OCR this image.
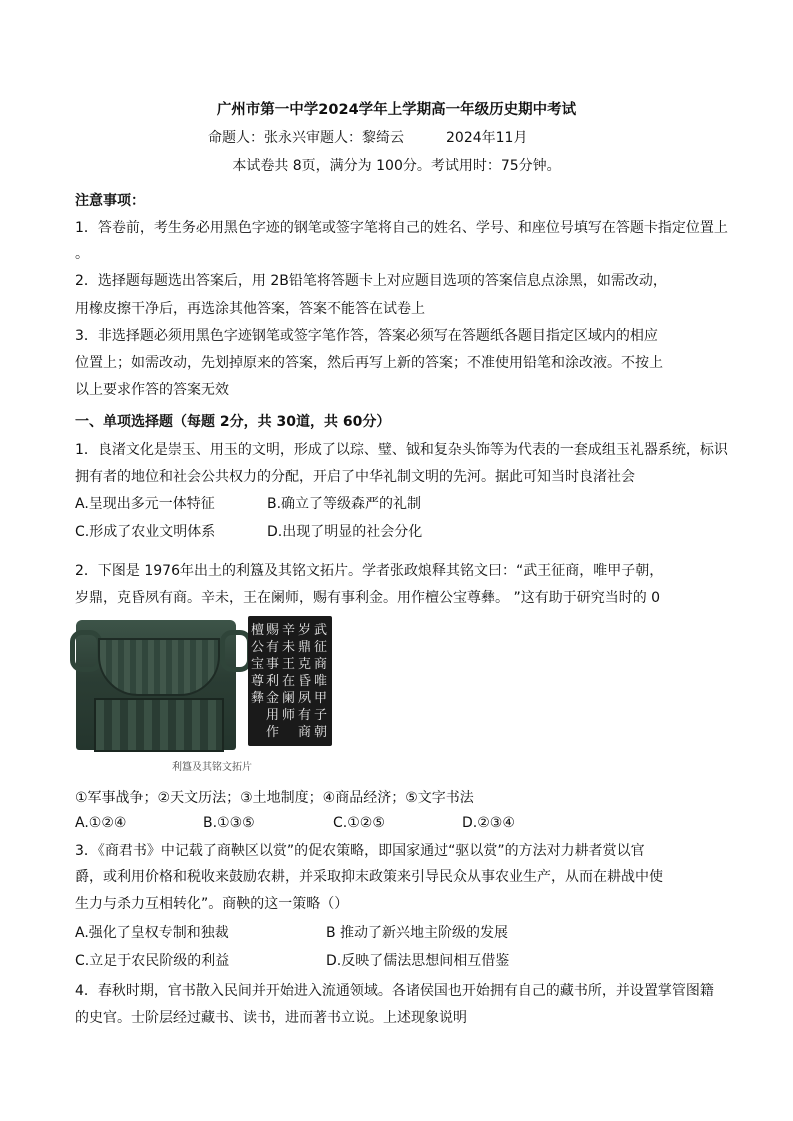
广州市第一中学2024学年上学期高一年级历史期中考试
命题人：张永兴审题人：黎绮云	2024年11月
本试卷共 8页，满分为 100分。考试用时：75分钟。
注意事项：
1．答卷前，考生务必用黑色字迹的钢笔或签字笔将自己的姓名、学号、和座位号填写在答题卡指定位置上
。
2．选择题每题选出答案后，用 2B铅笔将答题卡上对应题目选项的答案信息点涂黑，如需改动，
用橡皮擦干净后，再选涂其他答案，答案不能答在试卷上
3．非选择题必须用黑色字迹钢笔或签字笔作答，答案必须写在答题纸各题目指定区域内的相应
位置上；如需改动，先划掉原来的答案，然后再写上新的答案；不准使用铅笔和涂改液。不按上
以上要求作答的答案无效
一、单项选择题（每题 2分，共 30道，共 60分）
1．良渚文化是崇玉、用玉的文明，形成了以琮、璧、钺和复杂头饰等为代表的一套成组玉礼器系统，标识
拥有者的地位和社会公共权力的分配，开启了中华礼制文明的先河。据此可知当时良渚社会
A.呈现出多元一体特征	B.确立了等级森严的礼制
C.形成了农业文明体系	D.出现了明显的社会分化
2．下图是 1976年出土的利簋及其铭文拓片。学者张政烺释其铭文曰：“武王征商，唯甲子朝，
岁鼎，克昏夙有商。辛未，王在阑师，赐有事利金。用作檀公宝尊彝。 ”这有助于研究当时的 0
武征商唯甲子朝
岁鼎克昏夙有商
辛未王在阑师
赐有事利金用作
檀公宝尊彝
利簋及其铭文拓片
①军事战争；②天文历法；③土地制度；④商品经济；⑤文字书法
A.①②④	B.①③⑤	C.①②⑤	D.②③④
3．《商君书》中记载了商鞅区以赏”的促农策略，即国家通过“驱以赏”的方法对力耕者赏以官
爵，或利用价格和税收来鼓励农耕，并采取抑末政策来引导民众从事农业生产，从而在耕战中使
生力与杀力互相转化”。商鞅的这一策略（）
A.强化了皇权专制和独裁	B 推动了新兴地主阶级的发展
C.立足于农民阶级的利益	D.反映了儒法思想间相互借鉴
4．春秋时期，官书散入民间并开始进入流通领域。各诸侯国也开始拥有自己的藏书所，并设置掌管图籍
的史官。士阶层经过藏书、读书，进而著书立说。上述现象说明
